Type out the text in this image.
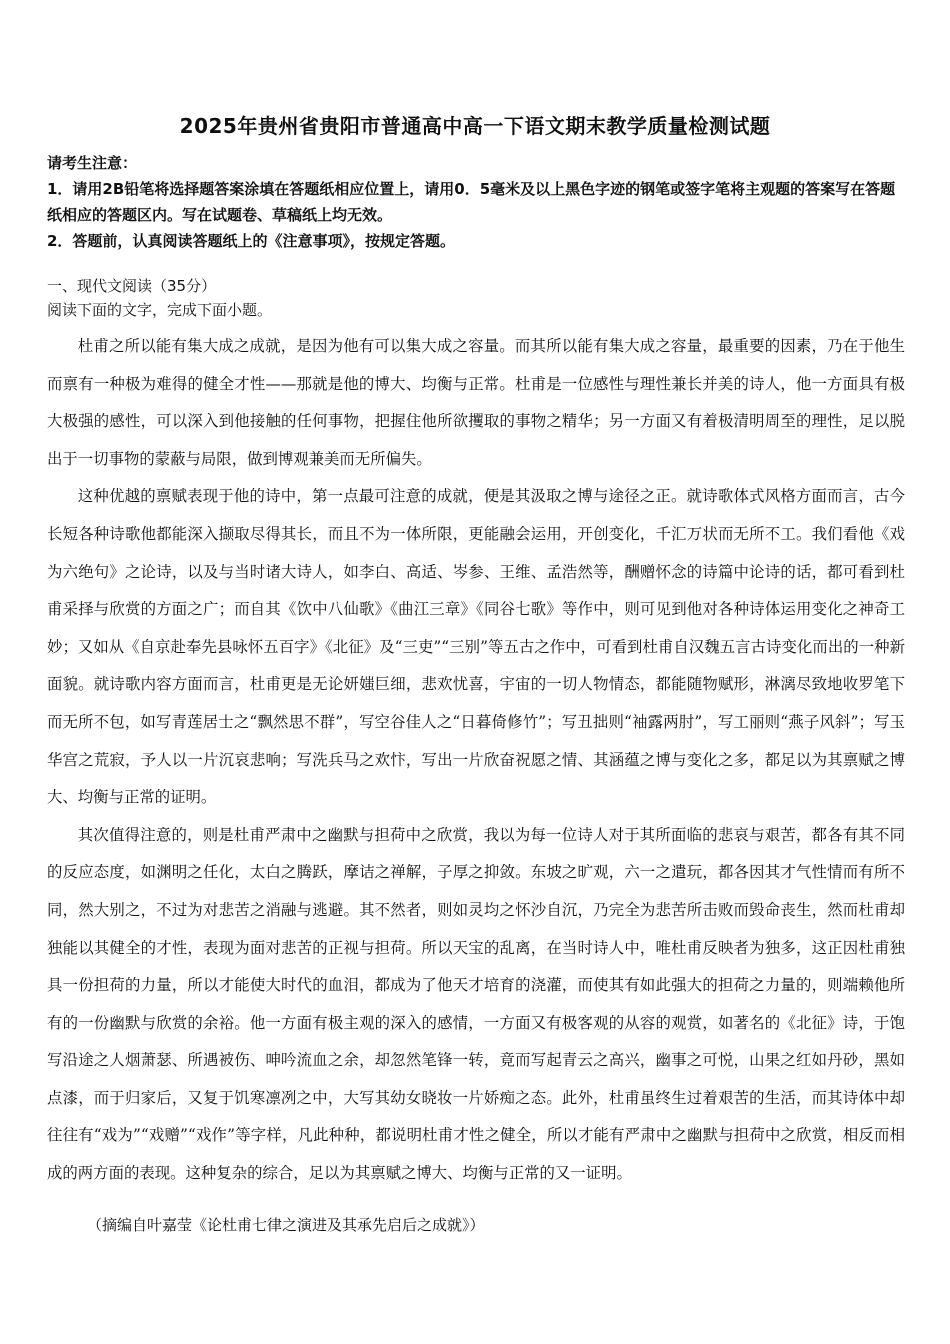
2025年贵州省贵阳市普通高中高一下语文期末教学质量检测试题

请考生注意：

1．请用2B铅笔将选择题答案涂填在答题纸相应位置上，请用0．5毫米及以上黑色字迹的钢笔或签字笔将主观题的答案写在答题纸相应的答题区内。写在试题卷、草稿纸上均无效。

2．答题前，认真阅读答题纸上的《注意事项》，按规定答题。

一、现代文阅读（35分）
阅读下面的文字，完成下面小题。

杜甫之所以能有集大成之成就，是因为他有可以集大成之容量。而其所以能有集大成之容量，最重要的因素，乃在于他生而禀有一种极为难得的健全才性——那就是他的博大、均衡与正常。杜甫是一位感性与理性兼长并美的诗人，他一方面具有极大极强的感性，可以深入到他接触的任何事物，把握住他所欲攫取的事物之精华；另一方面又有着极清明周至的理性，足以脱出于一切事物的蒙蔽与局限，做到博观兼美而无所偏失。

这种优越的禀赋表现于他的诗中，第一点最可注意的成就，便是其汲取之博与途径之正。就诗歌体式风格方面而言，古今长短各种诗歌他都能深入撷取尽得其长，而且不为一体所限，更能融会运用，开创变化，千汇万状而无所不工。我们看他《戏为六绝句》之论诗，以及与当时诸大诗人，如李白、高适、岑参、王维、孟浩然等，酬赠怀念的诗篇中论诗的话，都可看到杜甫采择与欣赏的方面之广；而自其《饮中八仙歌》《曲江三章》《同谷七歌》等作中，则可见到他对各种诗体运用变化之神奇工妙；又如从《自京赴奉先县咏怀五百字》《北征》及“三吏”“三别”等五古之作中，可看到杜甫自汉魏五言古诗变化而出的一种新面貌。就诗歌内容方面而言，杜甫更是无论妍媸巨细，悲欢忧喜，宇宙的一切人物情态，都能随物赋形，淋漓尽致地收罗笔下而无所不包，如写青莲居士之“飘然思不群”，写空谷佳人之“日暮倚修竹”；写丑拙则“袖露两肘”，写工丽则“燕子风斜”；写玉华宫之荒寂，予人以一片沉哀悲响；写洗兵马之欢忭，写出一片欣奋祝愿之情、其涵蕴之博与变化之多，都足以为其禀赋之博大、均衡与正常的证明。

其次值得注意的，则是杜甫严肃中之幽默与担荷中之欣赏，我以为每一位诗人对于其所面临的悲哀与艰苦，都各有其不同的反应态度，如渊明之任化，太白之腾跃，摩诘之禅解，子厚之抑敛。东坡之旷观，六一之遣玩，都各因其才气性情而有所不同，然大别之，不过为对悲苦之消融与逃避。其不然者，则如灵均之怀沙自沉，乃完全为悲苦所击败而毁命丧生，然而杜甫却独能以其健全的才性，表现为面对悲苦的正视与担荷。所以天宝的乱离，在当时诗人中，唯杜甫反映者为独多，这正因杜甫独具一份担荷的力量，所以才能使大时代的血泪，都成为了他天才培育的浇灌，而使其有如此强大的担荷之力量的，则端赖他所有的一份幽默与欣赏的余裕。他一方面有极主观的深入的感情，一方面又有极客观的从容的观赏，如著名的《北征》诗，于饱写沿途之人烟萧瑟、所遇被伤、呻吟流血之余，却忽然笔锋一转，竟而写起青云之高兴，幽事之可悦，山果之红如丹砂，黑如点漆，而于归家后，又复于饥寒凛冽之中，大写其幼女晓妆一片娇痴之态。此外，杜甫虽终生过着艰苦的生活，而其诗体中却往往有“戏为”“戏赠”“戏作”等字样，凡此种种，都说明杜甫才性之健全，所以才能有严肃中之幽默与担荷中之欣赏，相反而相成的两方面的表现。这种复杂的综合，足以为其禀赋之博大、均衡与正常的又一证明。

（摘编自叶嘉莹《论杜甫七律之演进及其承先启后之成就》）
